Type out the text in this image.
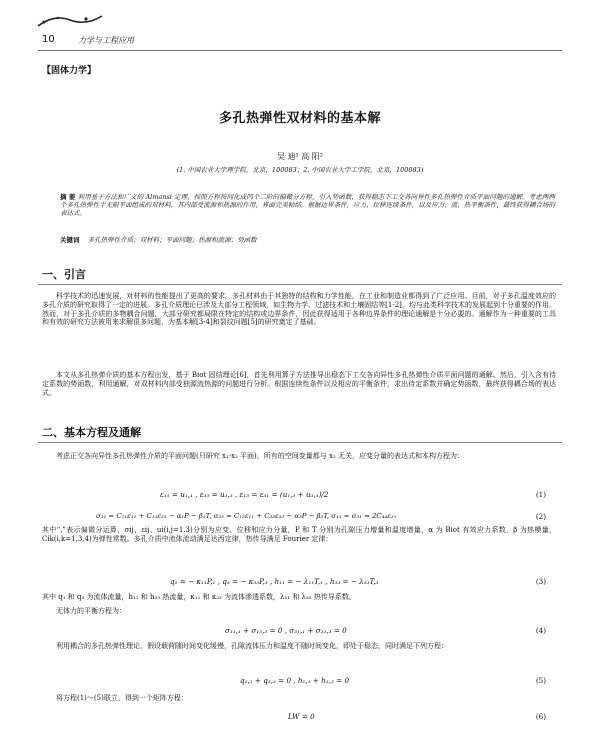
10	力学与工程应用
【固体力学】
多孔热弹性双材料的基本解
吴 迪¹ 高 阳²
(1. 中国农业大学理学院，北京，100083；2. 中国农业大学工学院，北京，100083)
摘 要 利用基于方法和广义的 Almansi 定理，按照方程按问化成四个二阶的偏微分方程，引入势函数，获得稳态下工交各向异性多孔热弹性介质平面问题的通解。考虑两两个多孔热弹性半无限平面组成的双材料，其内部受流源和热源的作用，界面完美粘结。根据边界条件，应力、位移连续条件，以及应力、流、热平衡条件，最终获得耦合场的表达式。
关键词 多孔热弹性介质；双材料；平面问题；热源和流源；势函数
一、引言
科学技术的迅速发展，对材料的性能提出了更高的要求。多孔材料由于其独特的结构和力学性能，在工业和制造业都得到了广泛应用。目前，对于多孔温度效应的多孔介质的研究取得了一定的进展。多孔介质理论已涉及大部分工程领域，如生物力学、过滤技术和土壤固结等[1-2]，均与此类科学技术的发展起到十分重要的作用。然而，对于多孔介质的多物耦合问题，大部分研究都局限在特定的结构或边界条件，因此获得适用于各种边界条件的理论通解是十分必要的。通解作为一种重要的工具和有效的研究方法被用来求解很多问题，为基本解[3-4]和裂纹问题[5]的研究奠定了基础。
本文从多孔热弹介质的基本方程出发，基于 Biot 固结理论[6]，首先利用算子方法推导出稳态下工交各向异性多孔热弹性介质平面问题的通解。然后，引入含有待定系数的势函数，利用通解，对双材料内部受独源流热源的问题进行分析。根据连续性条件以及相应的平衡条件，求出待定系数并确定势函数，最终获得耦合场的表达式。
二、基本方程及通解
考虑正交各向异性多孔热弹性介质的平面问题(只研究 x₁-x₃ 平面)，所有的空间变量都与 x₂ 无关，应变分量的表达式和本构方程为：
ε₁₁ = u₁,₁ , ε₃₃ = u₃,₃ , ε₁₃ = ε₃₁ = (u₁,₃ + u₃,₁)/2	(1)
σ₁₁ = C₁₁ε₁₁ + C₁₃ε₃₃ − α₁P − β₁T, σ₃₃ = C₁₃ε₁₁ + C₃₃ε₃₃ − α₃P − β₃T, σ₁₃ = σ₃₁ = 2C₄₄ε₃₁	(2)
其中“,”表示偏微分运算，σij、εij、ui(i,j=1,3)分别为应变、位移和应力分量，P 和 T 分别为孔隙压力增量和温度增量，α 为 Biot 有效应力系数，β 为热模量，Cik(i,k=1,3,4)为弹性常数。多孔介质中流体流动满足达西定律，热传导满足 Fourier 定律：
q₁ = − κ₁₁P,₁ , q₃ = − κ₃₃P,₃ , h₁₁ = − λ₁₁T,₁ , h₃₃ = − λ₃₃T,₃	(3)
其中 q₁ 和 q₃ 为流体流量，h₁₁ 和 h₃₃ 热流量，κ₁₁ 和 κ₃₃ 为流体渗透系数，λ₁₁ 和 λ₃₃ 热传导系数。
无体力的平衡方程为：
σ₁₁,₁ + σ₁₃,₃ = 0 , σ₃₁,₁ + σ₃₃,₃ = 0	(4)
利用耦合的多孔热弹性理论，假设载荷随时间变化缓慢，孔隙流体压力和温度不随时间变化，即处于稳态，同时满足下列方程：
q₁,₁ + q₃,₃ = 0 , h₁,₁ + h₃,₃ = 0	(5)
将方程(1)～(5)联立，得到一个矩阵方程：
LW = 0	(6)
